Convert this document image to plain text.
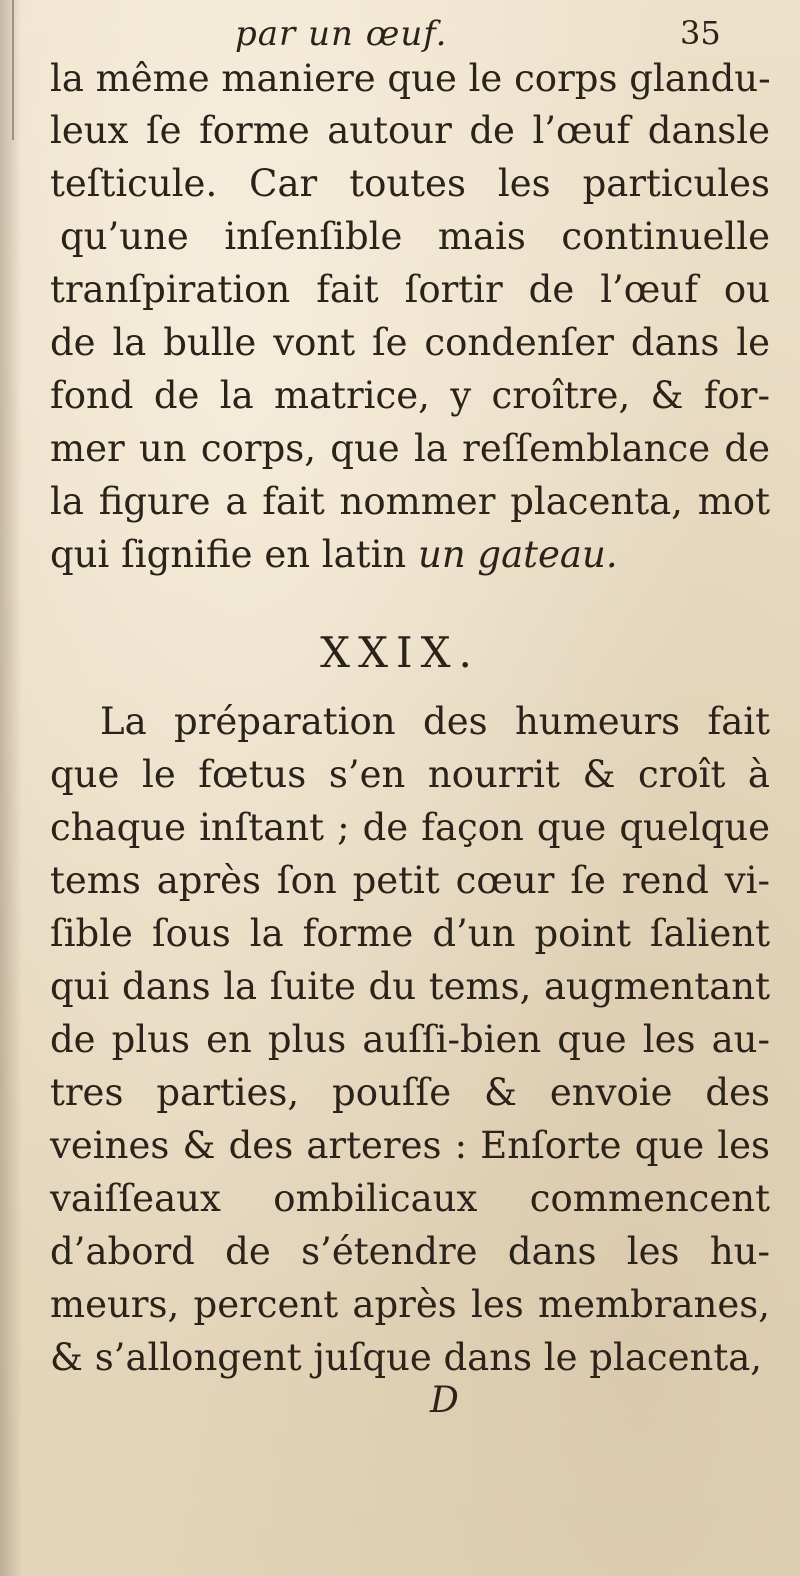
par un œuf.	35
la même maniere que le corps glandu-
leux ſe forme autour de l’œuf dansle
teſticule. Car toutes les particules
qu’une inſenſible mais continuelle
tranſpiration fait ſortir de l’œuf ou
de la bulle vont ſe condenſer dans le
fond de la matrice, y croître, & for-
mer un corps, que la reſſemblance de
la figure a fait nommer placenta, mot
qui ſignifie en latin un gateau.
XXIX.
La préparation des humeurs fait
que le fœtus s’en nourrit & croît à
chaque inſtant ; de façon que quelque
tems après ſon petit cœur ſe rend vi-
ſible ſous la forme d’un point ſalient
qui dans la ſuite du tems, augmentant
de plus en plus auſſi-bien que les au-
tres parties, pouſſe & envoie des
veines & des arteres : Enſorte que les
vaiſſeaux ombilicaux commencent
d’abord de s’étendre dans les hu-
meurs, percent après les membranes,
& s’allongent juſque dans le placenta,
D
